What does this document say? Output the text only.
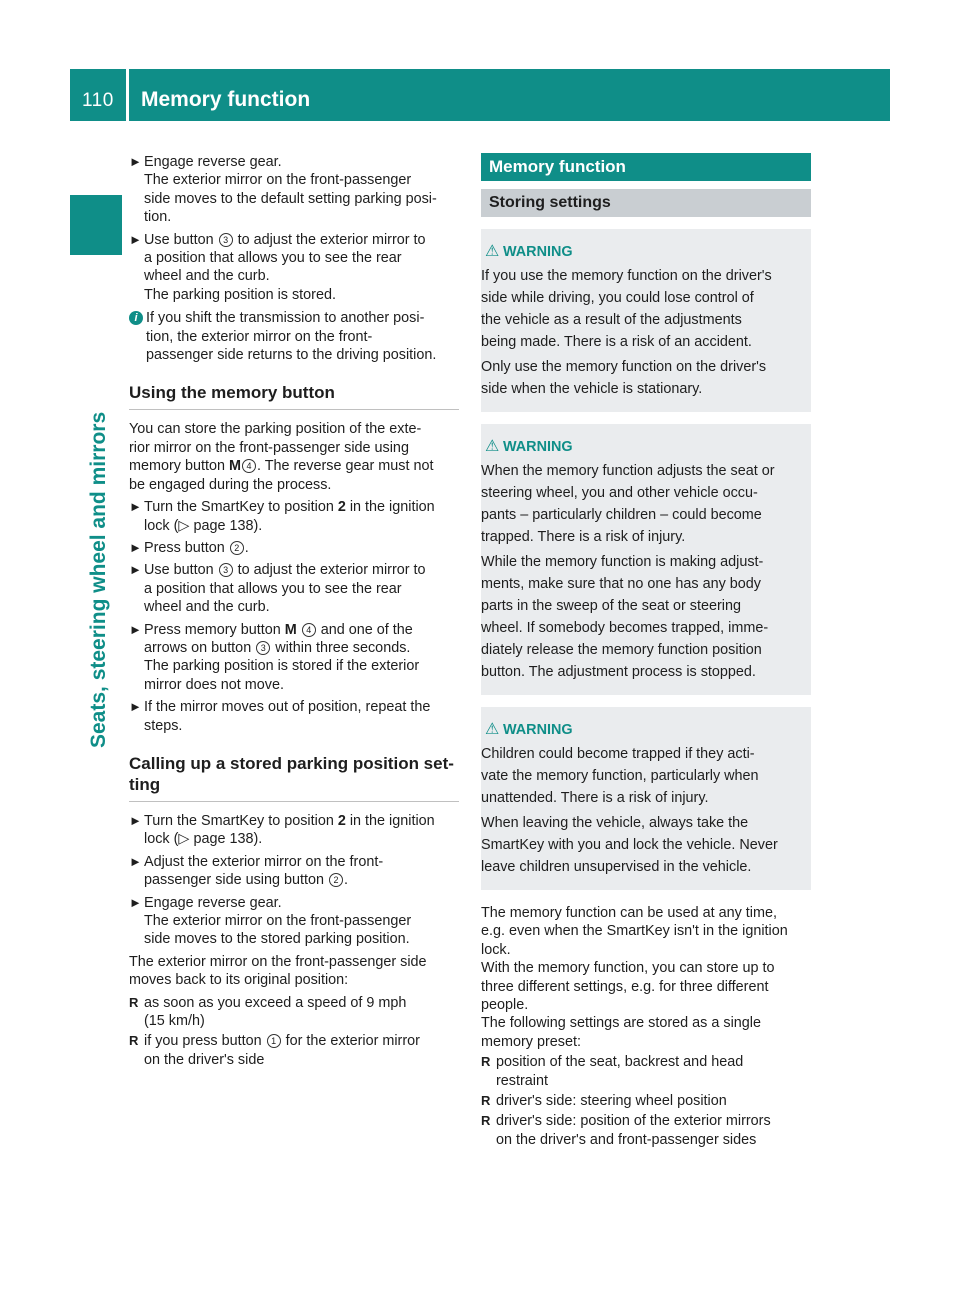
110 Memory function
Seats, steering wheel and mirrors
► Engage reverse gear.

The exterior mirror on the front-passenger

side moves to the default setting parking posi-

tion.

► Use button 3 to adjust the exterior mirror to

a position that allows you to see the rear

wheel and the curb.

The parking position is stored.

i If you shift the transmission to another posi-

tion, the exterior mirror on the front-

passenger side returns to the driving position.

Using the memory button

You can store the parking position of the exte-

rior mirror on the front-passenger side using

memory button M 4 . The reverse gear must not

be engaged during the process.

► Turn the SmartKey to position 2 in the ignition

lock (▷ page 138).

► Press button 2 .

► Use button 3 to adjust the exterior mirror to

a position that allows you to see the rear

wheel and the curb.

► Press memory button M 4 and one of the

arrows on button 3 within three seconds.

The parking position is stored if the exterior

mirror does not move.

► If the mirror moves out of position, repeat the

steps.

Calling up a stored parking position set-
ting
► Turn the SmartKey to position 2 in the ignition

lock (▷ page 138).

► Adjust the exterior mirror on the front-

passenger side using button 2 .

► Engage reverse gear.

The exterior mirror on the front-passenger

side moves to the stored parking position.

The exterior mirror on the front-passenger side

moves back to its original position:

R as soon as you exceed a speed of 9 mph

(15 km/h)

R if you press button 1 for the exterior mirror

on the driver's side

Memory function
Storing settings
⚠ WARNING

If you use the memory function on the driver's

side while driving, you could lose control of

the vehicle as a result of the adjustments

being made. There is a risk of an accident.

Only use the memory function on the driver's

side when the vehicle is stationary.

⚠ WARNING

When the memory function adjusts the seat or

steering wheel, you and other vehicle occu-

pants – particularly children – could become

trapped. There is a risk of injury.

While the memory function is making adjust-

ments, make sure that no one has any body

parts in the sweep of the seat or steering

wheel. If somebody becomes trapped, imme-

diately release the memory function position

button. The adjustment process is stopped.

⚠ WARNING

Children could become trapped if they acti-

vate the memory function, particularly when

unattended. There is a risk of injury.

When leaving the vehicle, always take the

SmartKey with you and lock the vehicle. Never

leave children unsupervised in the vehicle.

The memory function can be used at any time,

e.g. even when the SmartKey isn't in the ignition

lock.

With the memory function, you can store up to

three different settings, e.g. for three different

people.

The following settings are stored as a single

memory preset:

R position of the seat, backrest and head

restraint

R driver's side: steering wheel position

R driver's side: position of the exterior mirrors

on the driver's and front-passenger sides
